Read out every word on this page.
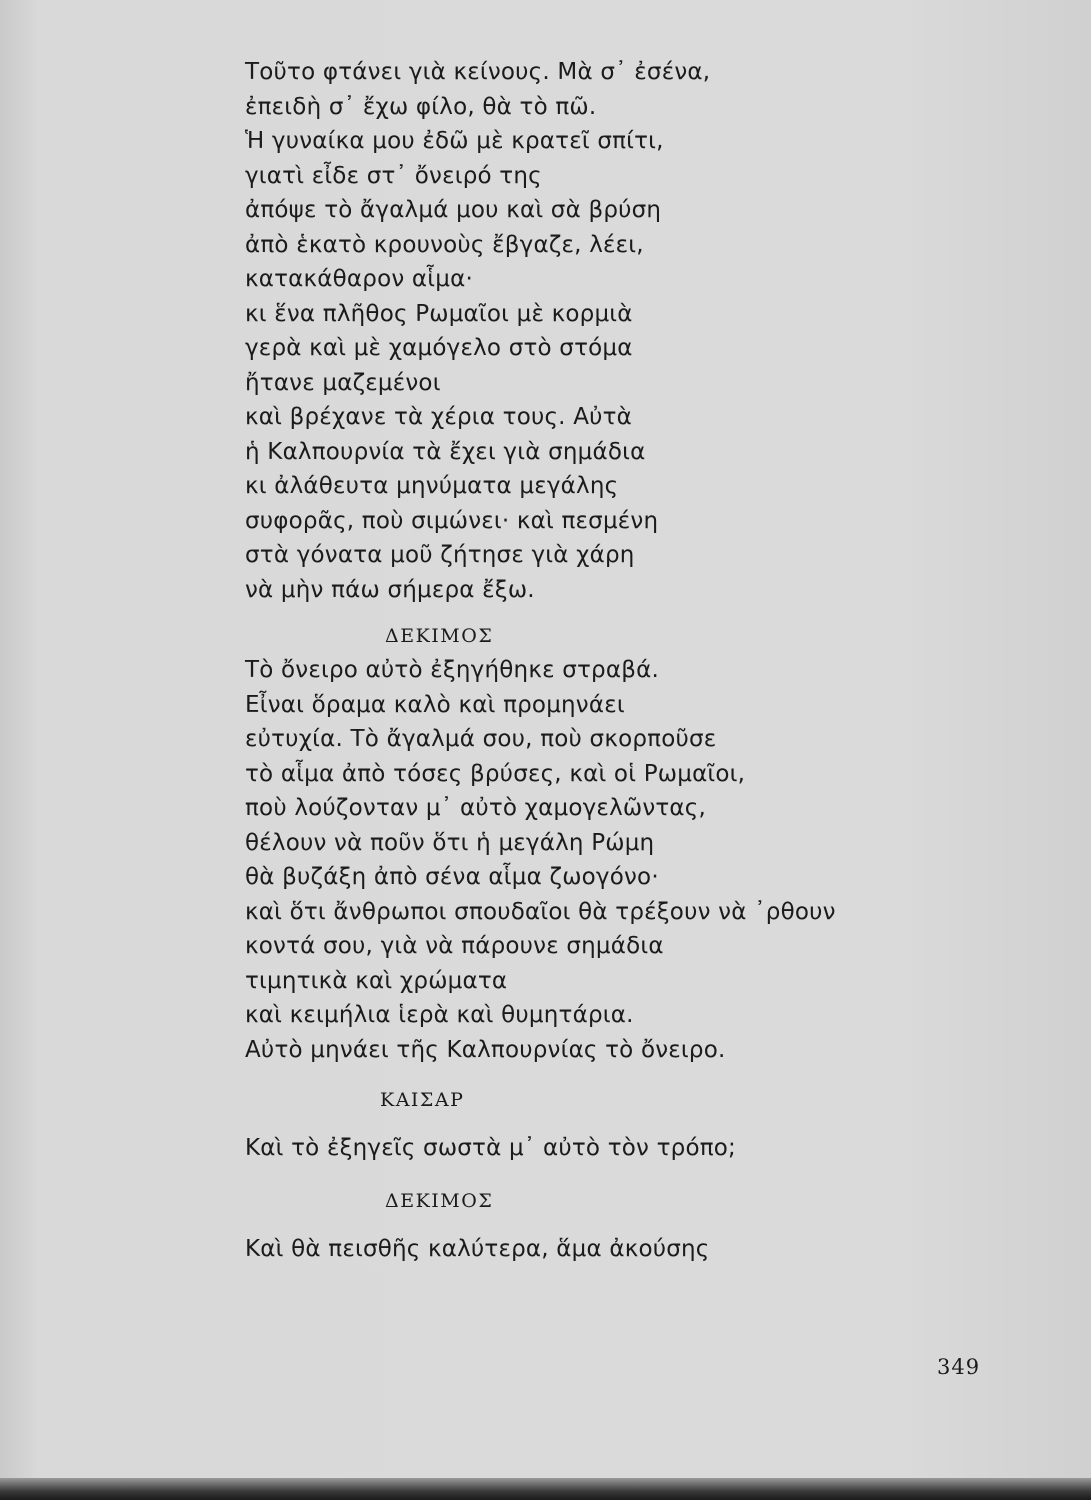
Τοῦτο φτάνει γιὰ κείνους. Μὰ σ᾽ ἐσένα,
ἐπειδὴ σ᾽ ἔχω φίλο, θὰ τὸ πῶ.
Ἡ γυναίκα μου ἐδῶ μὲ κρατεῖ σπίτι,
γιατὶ εἶδε στ᾽ ὄνειρό της
ἀπόψε τὸ ἄγαλμά μου καὶ σὰ βρύση
ἀπὸ ἑκατὸ κρουνοὺς ἔβγαζε, λέει,
κατακάθαρον αἷμα·
κι ἕνα πλῆθος Ρωμαῖοι μὲ κορμιὰ
γερὰ καὶ μὲ χαμόγελο στὸ στόμα
ἤτανε μαζεμένοι
καὶ βρέχανε τὰ χέρια τους. Αὐτὰ
ἡ Καλπουρνία τὰ ἔχει γιὰ σημάδια
κι ἀλάθευτα μηνύματα μεγάλης
συφορᾶς, ποὺ σιμώνει· καὶ πεσμένη
στὰ γόνατα μοῦ ζήτησε γιὰ χάρη
νὰ μὴν πάω σήμερα ἔξω.
ΔΕΚΙΜΟΣ
Τὸ ὄνειρο αὐτὸ ἐξηγήθηκε στραβά.
Εἶναι ὅραμα καλὸ καὶ προμηνάει
εὐτυχία. Τὸ ἄγαλμά σου, ποὺ σκορποῦσε
τὸ αἷμα ἀπὸ τόσες βρύσες, καὶ οἱ Ρωμαῖοι,
ποὺ λούζονταν μ᾽ αὐτὸ χαμογελῶντας,
θέλουν νὰ ποῦν ὅτι ἡ μεγάλη Ρώμη
θὰ βυζάξη ἀπὸ σένα αἷμα ζωογόνο·
καὶ ὅτι ἄνθρωποι σπουδαῖοι θὰ τρέξουν νὰ ᾽ρθουν
κοντά σου, γιὰ νὰ πάρουνε σημάδια
τιμητικὰ καὶ χρώματα
καὶ κειμήλια ἱερὰ καὶ θυμητάρια.
Αὐτὸ μηνάει τῆς Καλπουρνίας τὸ ὄνειρο.
ΚΑΙΣΑΡ
Καὶ τὸ ἐξηγεῖς σωστὰ μ᾽ αὐτὸ τὸν τρόπο;
ΔΕΚΙΜΟΣ
Καὶ θὰ πεισθῆς καλύτερα, ἅμα ἀκούσης
349
